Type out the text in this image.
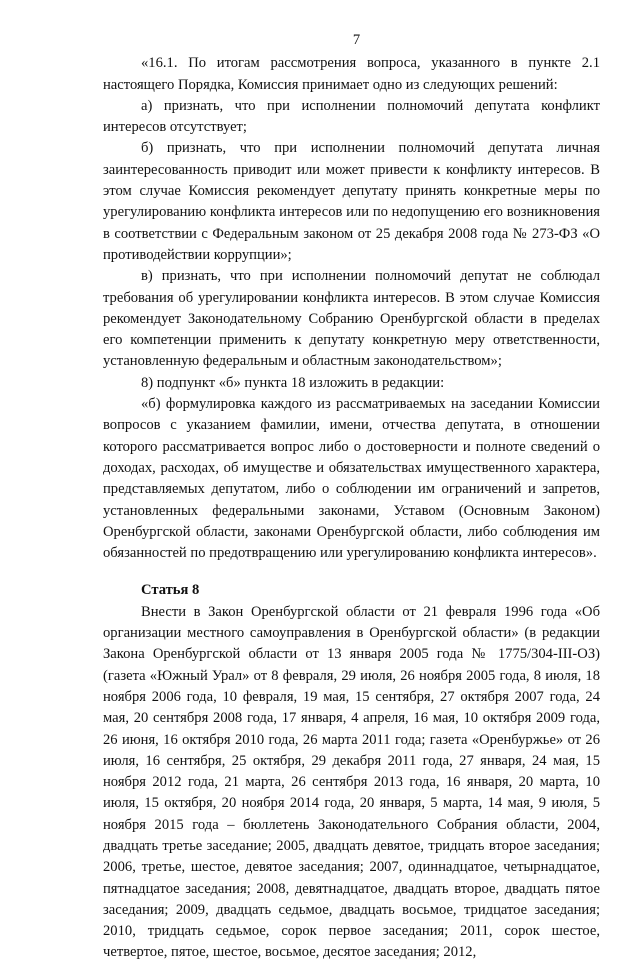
7

«16.1. По итогам рассмотрения вопроса, указанного в пункте 2.1 настоящего Порядка, Комиссия принимает одно из следующих решений:

а) признать, что при исполнении полномочий депутата конфликт интересов отсутствует;

б) признать, что при исполнении полномочий депутата личная заинтересованность приводит или может привести к конфликту интересов. В этом случае Комиссия рекомендует депутату принять конкретные меры по урегулированию конфликта интересов или по недопущению его возникновения в соответствии с Федеральным законом от 25 декабря 2008 года № 273-ФЗ «О противодействии коррупции»;

в) признать, что при исполнении полномочий депутат не соблюдал требования об урегулировании конфликта интересов. В этом случае Комиссия рекомендует Законодательному Собранию Оренбургской области в пределах его компетенции применить к депутату конкретную меру ответственности, установленную федеральным и областным законодательством»;

8) подпункт «б» пункта 18 изложить в редакции:

«б) формулировка каждого из рассматриваемых на заседании Комиссии вопросов с указанием фамилии, имени, отчества депутата, в отношении которого рассматривается вопрос либо о достоверности и полноте сведений о доходах, расходах, об имуществе и обязательствах имущественного характера, представляемых депутатом, либо о соблюдении им ограничений и запретов, установленных федеральными законами, Уставом (Основным Законом) Оренбургской области, законами Оренбургской области, либо соблюдения им обязанностей по предотвращению или урегулированию конфликта интересов».

Статья 8

Внести в Закон Оренбургской области от 21 февраля 1996 года «Об организации местного самоуправления в Оренбургской области» (в редакции Закона Оренбургской области от 13 января 2005 года № 1775/304-III-ОЗ) (газета «Южный Урал» от 8 февраля, 29 июля, 26 ноября 2005 года, 8 июля, 18 ноября 2006 года, 10 февраля, 19 мая, 15 сентября, 27 октября 2007 года, 24 мая, 20 сентября 2008 года, 17 января, 4 апреля, 16 мая, 10 октября 2009 года, 26 июня, 16 октября 2010 года, 26 марта 2011 года; газета «Оренбуржье» от 26 июля, 16 сентября, 25 октября, 29 декабря 2011 года, 27 января, 24 мая, 15 ноября 2012 года, 21 марта, 26 сентября 2013 года, 16 января, 20 марта, 10 июля, 15 октября, 20 ноября 2014 года, 20 января, 5 марта, 14 мая, 9 июля, 5 ноября 2015 года – бюллетень Законодательного Собрания области, 2004, двадцать третье заседание; 2005, двадцать девятое, тридцать второе заседания; 2006, третье, шестое, девятое заседания; 2007, одиннадцатое, четырнадцатое, пятнадцатое заседания; 2008, девятнадцатое, двадцать второе, двадцать пятое заседания; 2009, двадцать седьмое, двадцать восьмое, тридцатое заседания; 2010, тридцать седьмое, сорок первое заседания; 2011, сорок шестое, четвертое, пятое, шестое, восьмое, десятое заседания; 2012,
